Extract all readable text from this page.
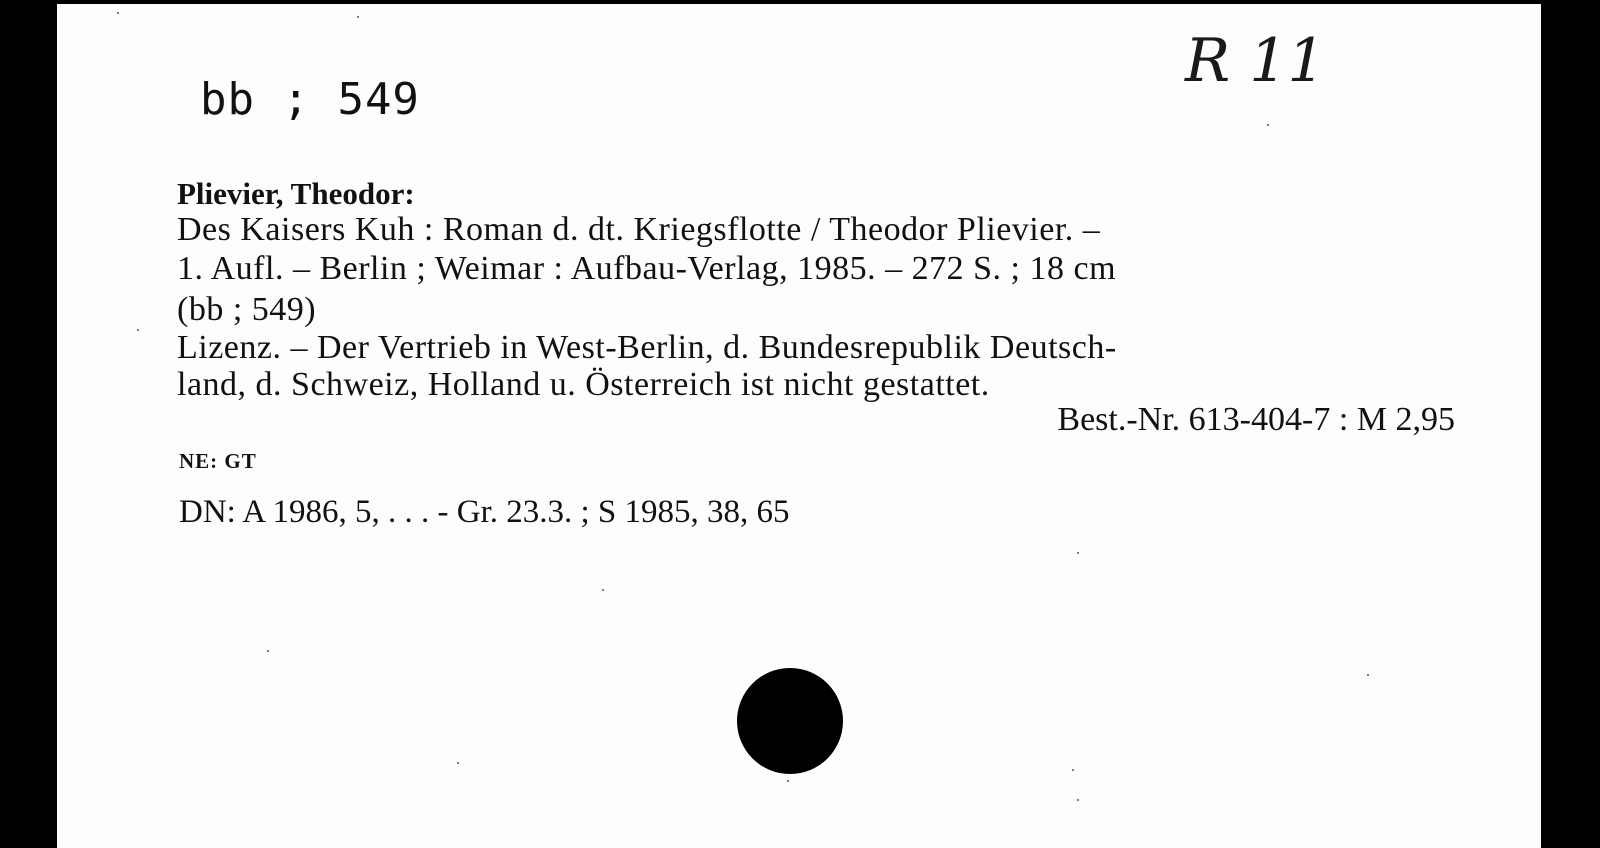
bb ; 549
R 11
Plievier, Theodor:
Des Kaisers Kuh : Roman d. dt. Kriegsflotte / Theodor Plievier. –
1. Aufl. – Berlin ; Weimar : Aufbau-Verlag, 1985. – 272 S. ; 18 cm
(bb ; 549)
Lizenz. – Der Vertrieb in West-Berlin, d. Bundesrepublik Deutsch-
land, d. Schweiz, Holland u. Österreich ist nicht gestattet.
Best.-Nr. 613-404-7 : M 2,95
NE: GT
DN: A 1986, 5, . . . - Gr. 23.3. ; S 1985, 38, 65
